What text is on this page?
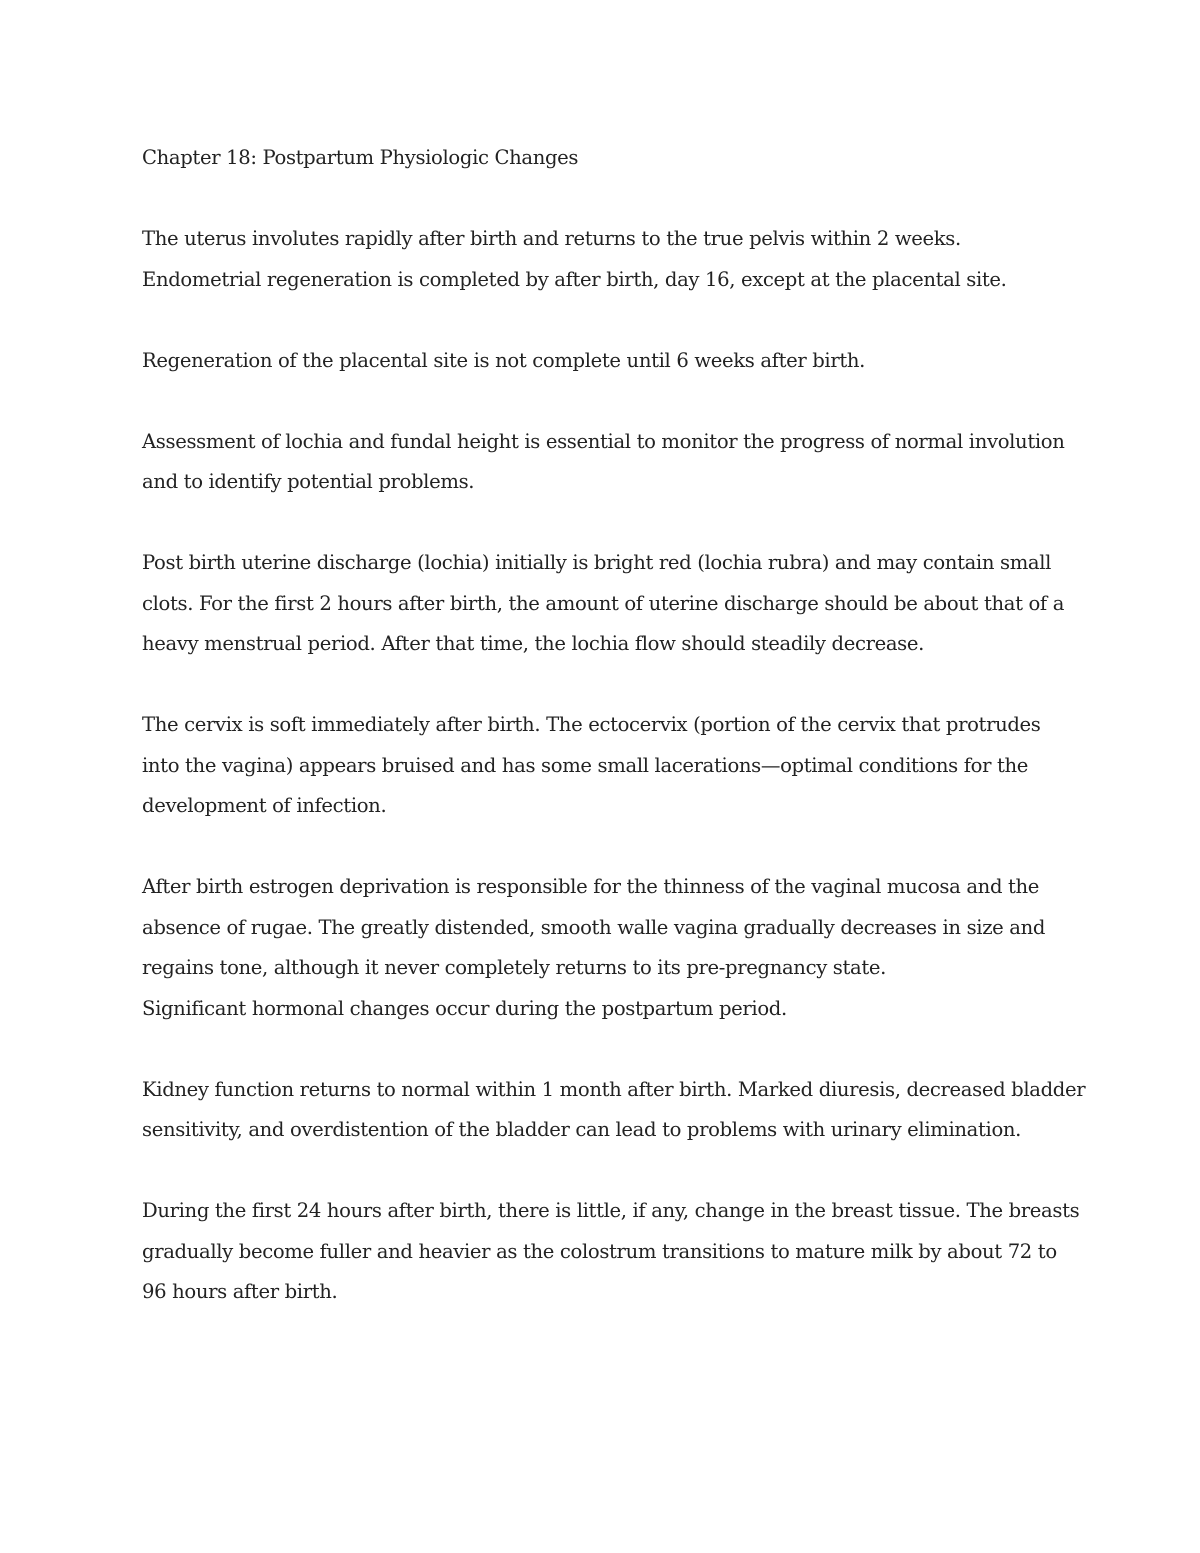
Chapter 18: Postpartum Physiologic Changes
The uterus involutes rapidly after birth and returns to the true pelvis within 2 weeks.
Endometrial regeneration is completed by after birth, day 16, except at the placental site.
Regeneration of the placental site is not complete until 6 weeks after birth.
Assessment of lochia and fundal height is essential to monitor the progress of normal involution
and to identify potential problems.
Post birth uterine discharge (lochia) initially is bright red (lochia rubra) and may contain small
clots. For the first 2 hours after birth, the amount of uterine discharge should be about that of a
heavy menstrual period. After that time, the lochia flow should steadily decrease.
The cervix is soft immediately after birth. The ectocervix (portion of the cervix that protrudes
into the vagina) appears bruised and has some small lacerations—optimal conditions for the
development of infection.
After birth estrogen deprivation is responsible for the thinness of the vaginal mucosa and the
absence of rugae. The greatly distended, smooth walle vagina gradually decreases in size and
regains tone, although it never completely returns to its pre-pregnancy state.
Significant hormonal changes occur during the postpartum period.
Kidney function returns to normal within 1 month after birth. Marked diuresis, decreased bladder
sensitivity, and overdistention of the bladder can lead to problems with urinary elimination.
During the first 24 hours after birth, there is little, if any, change in the breast tissue. The breasts
gradually become fuller and heavier as the colostrum transitions to mature milk by about 72 to
96 hours after birth.
